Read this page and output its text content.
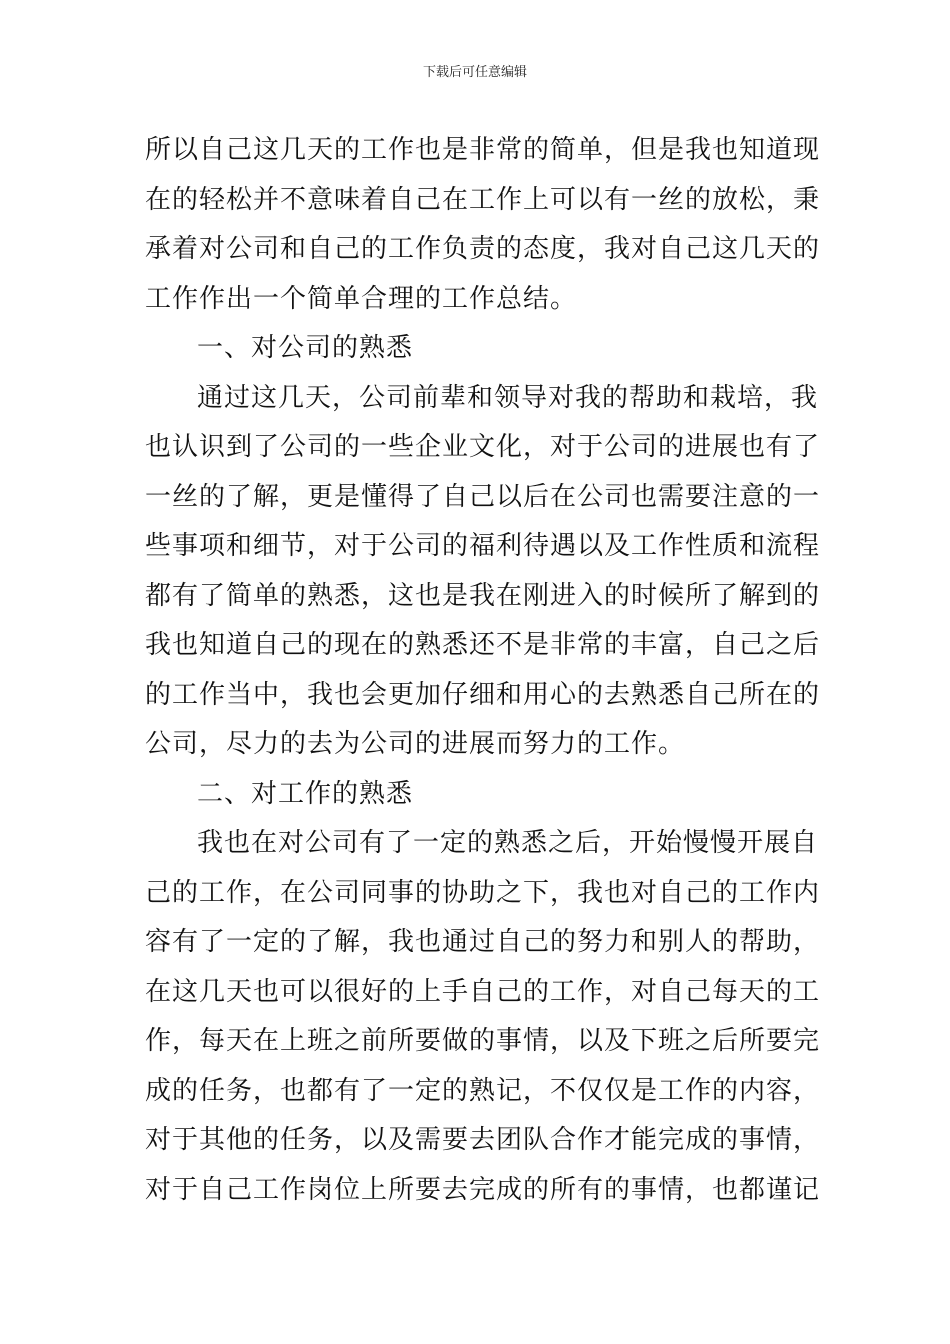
下载后可任意编辑
所以自己这几天的工作也是非常的简单，但是我也知道现
在的轻松并不意味着自己在工作上可以有一丝的放松，秉
承着对公司和自己的工作负责的态度，我对自己这几天的
工作作出一个简单合理的工作总结。
一、对公司的熟悉
通过这几天，公司前辈和领导对我的帮助和栽培，我
也认识到了公司的一些企业文化，对于公司的进展也有了
一丝的了解，更是懂得了自己以后在公司也需要注意的一
些事项和细节，对于公司的福利待遇以及工作性质和流程
都有了简单的熟悉，这也是我在刚进入的时候所了解到的
我也知道自己的现在的熟悉还不是非常的丰富，自己之后
的工作当中，我也会更加仔细和用心的去熟悉自己所在的
公司，尽力的去为公司的进展而努力的工作。
二、对工作的熟悉
我也在对公司有了一定的熟悉之后，开始慢慢开展自
己的工作，在公司同事的协助之下，我也对自己的工作内
容有了一定的了解，我也通过自己的努力和别人的帮助，
在这几天也可以很好的上手自己的工作，对自己每天的工
作，每天在上班之前所要做的事情，以及下班之后所要完
成的任务，也都有了一定的熟记，不仅仅是工作的内容，
对于其他的任务，以及需要去团队合作才能完成的事情，
对于自己工作岗位上所要去完成的所有的事情，也都谨记
